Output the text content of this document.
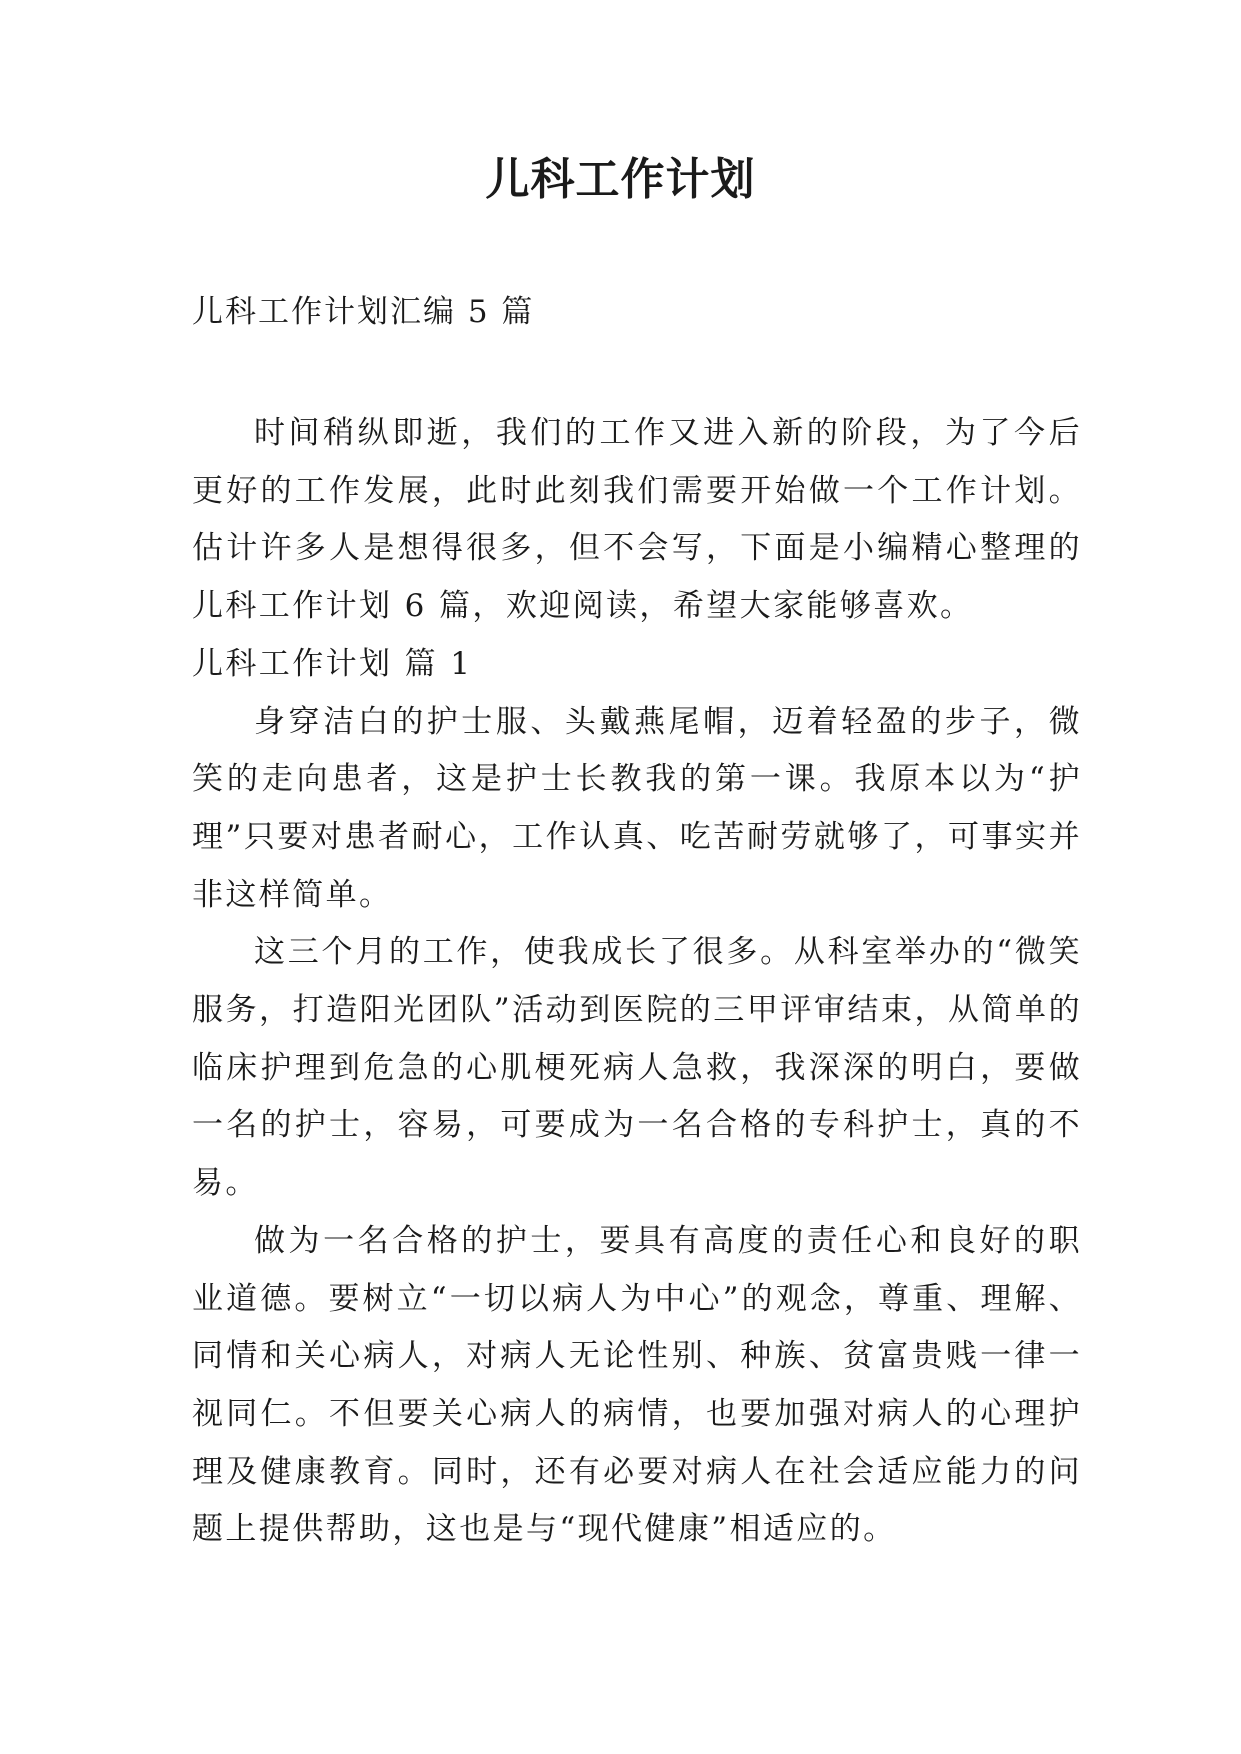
儿科工作计划
儿科工作计划汇编 5 篇

时间稍纵即逝，我们的工作又进入新的阶段，为了今后更好的工作发展，此时此刻我们需要开始做一个工作计划。估计许多人是想得很多，但不会写，下面是小编精心整理的儿科工作计划 6 篇，欢迎阅读，希望大家能够喜欢。

儿科工作计划 篇 1

身穿洁白的护士服、头戴燕尾帽，迈着轻盈的步子，微笑的走向患者，这是护士长教我的第一课。我原本以为“护理”只要对患者耐心，工作认真、吃苦耐劳就够了，可事实并非这样简单。

这三个月的工作，使我成长了很多。从科室举办的“微笑服务，打造阳光团队”活动到医院的三甲评审结束，从简单的临床护理到危急的心肌梗死病人急救，我深深的明白，要做一名的护士，容易，可要成为一名合格的专科护士，真的不易。

做为一名合格的护士，要具有高度的责任心和良好的职业道德。要树立“一切以病人为中心”的观念，尊重、理解、同情和关心病人，对病人无论性别、种族、贫富贵贱一律一视同仁。不但要关心病人的病情，也要加强对病人的心理护理及健康教育。同时，还有必要对病人在社会适应能力的问题上提供帮助，这也是与“现代健康”相适应的。
